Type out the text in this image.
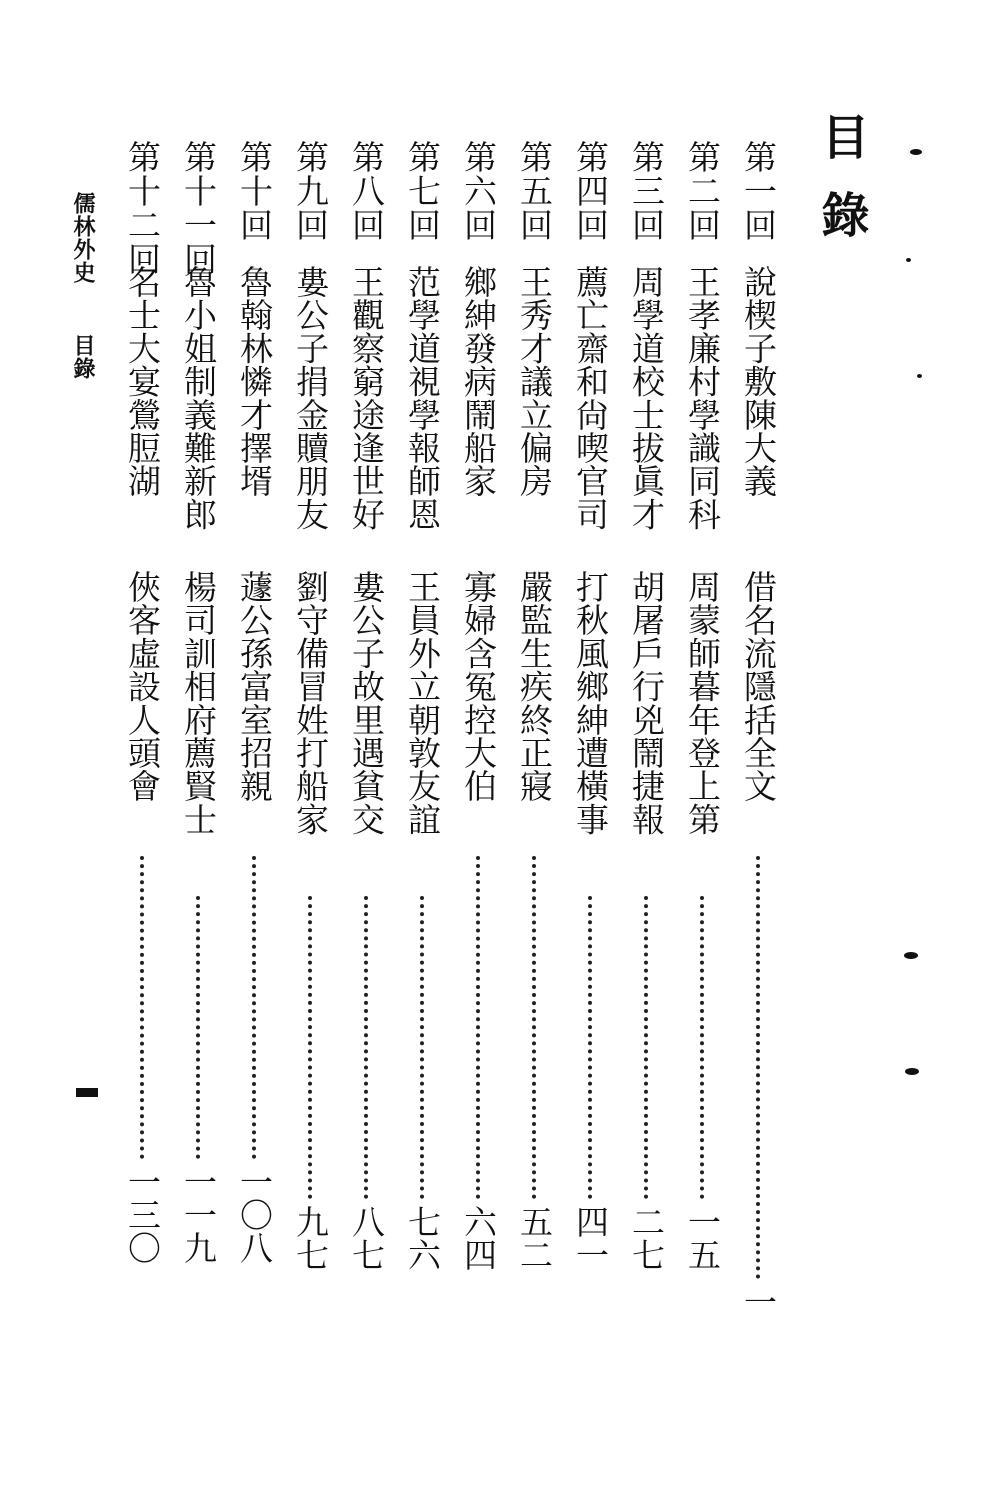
目錄
第一回
說楔子敷陳大義
借名流隱括全文
一
第二回
王孝廉村學識同科
周蒙師暮年登上第
一五
第三回
周學道校士拔眞才
胡屠戶行兇鬧捷報
二七
第四回
薦亡齋和尙喫官司
打秋風鄉紳遭橫事
四一
第五回
王秀才議立偏房
嚴監生疾終正寢
五二
第六回
鄉紳發病鬧船家
寡婦含冤控大伯
六四
第七回
范學道視學報師恩
王員外立朝敦友誼
七六
第八回
王觀察窮途逢世好
婁公子故里遇貧交
八七
第九回
婁公子捐金贖朋友
劉守備冒姓打船家
九七
第十回
魯翰林憐才擇壻
蘧公孫富室招親
一〇八
第十一回
魯小姐制義難新郎
楊司訓相府薦賢士
一一九
第十二回
名士大宴鶯脰湖
俠客虛設人頭會
一三〇
儒林外史目錄
